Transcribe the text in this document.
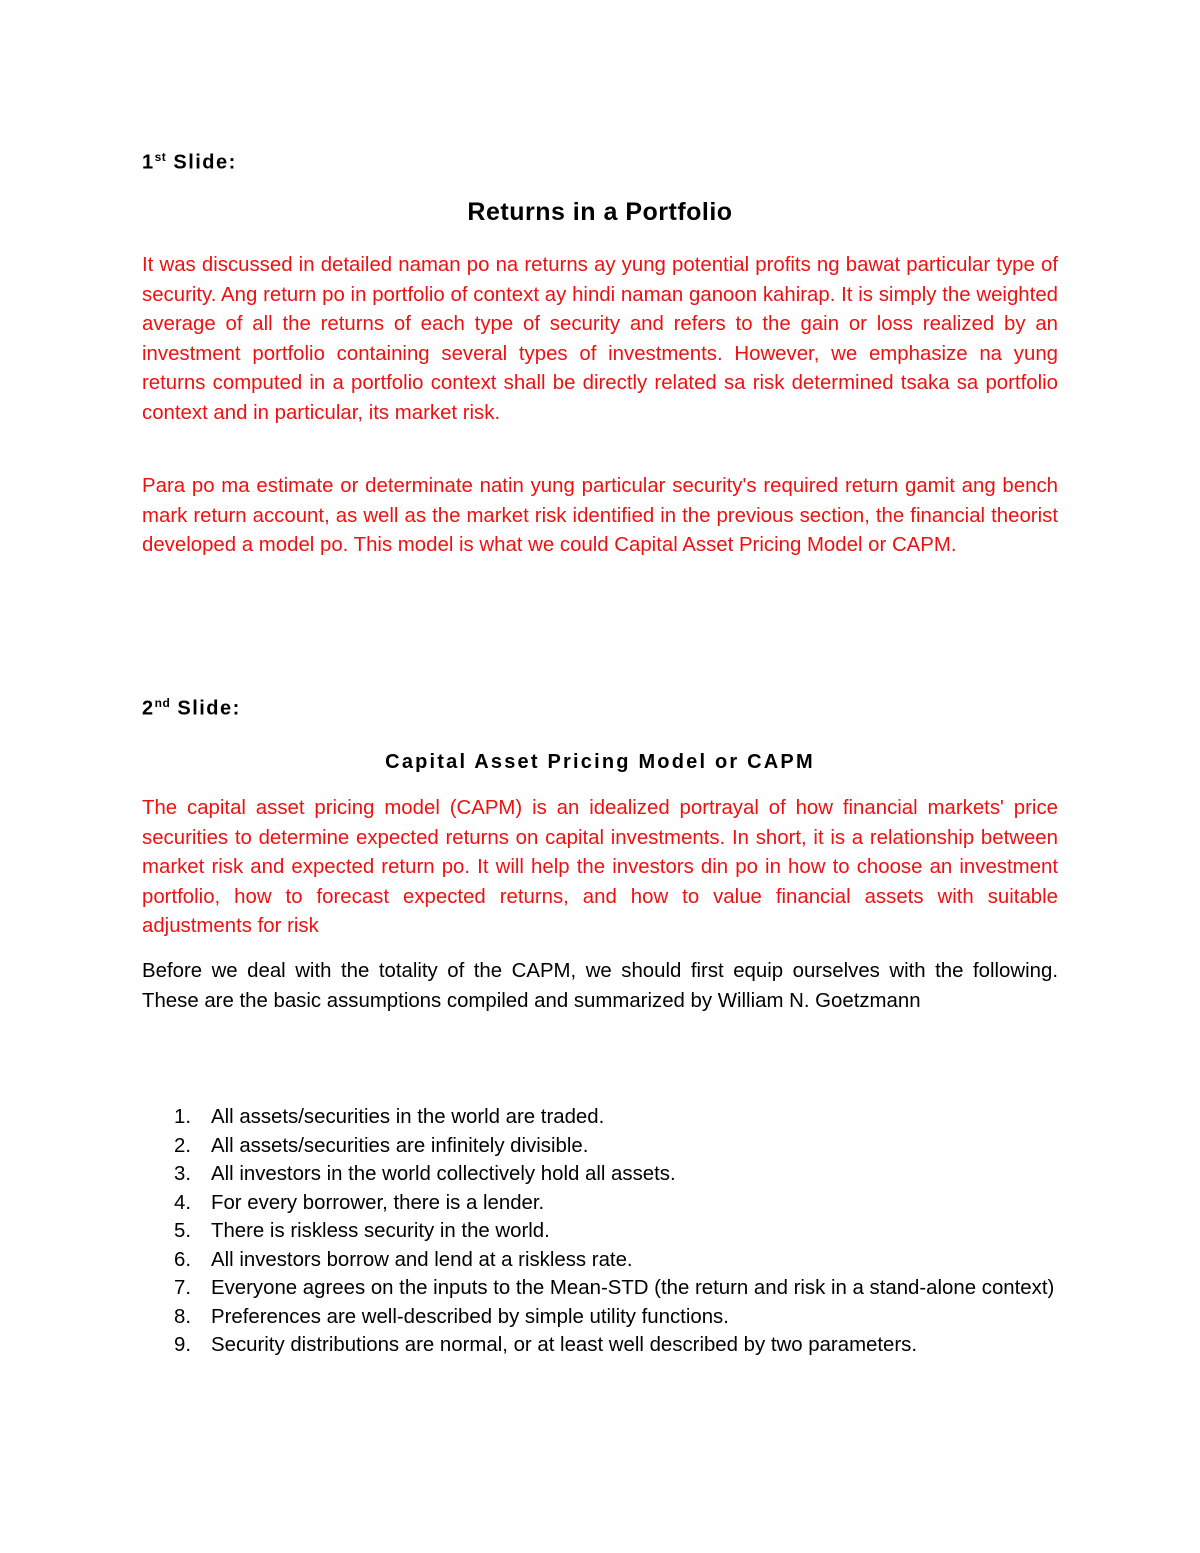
1st Slide:
Returns in a Portfolio

It was discussed in detailed naman po na returns ay yung potential profits ng bawat particular type of security. Ang return po in portfolio of context ay hindi naman ganoon kahirap. It is simply the weighted average of all the returns of each type of security and refers to the gain or loss realized by an investment portfolio containing several types of investments. However, we emphasize na yung returns computed in a portfolio context shall be directly related sa risk determined tsaka sa portfolio context and in particular, its market risk.

Para po ma estimate or determinate natin yung particular security's required return gamit ang bench mark return account, as well as the market risk identified in the previous section, the financial theorist developed a model po. This model is what we could Capital Asset Pricing Model or CAPM.

2nd Slide:
Capital Asset Pricing Model or CAPM

The capital asset pricing model (CAPM) is an idealized portrayal of how financial markets' price securities to determine expected returns on capital investments. In short, it is a relationship between market risk and expected return po. It will help the investors din po in how to choose an investment portfolio, how to forecast expected returns, and how to value financial assets with suitable adjustments for risk

Before we deal with the totality of the CAPM, we should first equip ourselves with the following. These are the basic assumptions compiled and summarized by William N. Goetzmann

1. All assets/securities in the world are traded.
2. All assets/securities are infinitely divisible.
3. All investors in the world collectively hold all assets.
4. For every borrower, there is a lender.
5. There is riskless security in the world.
6. All investors borrow and lend at a riskless rate.
7. Everyone agrees on the inputs to the Mean-STD (the return and risk in a stand-alone context)
8. Preferences are well-described by simple utility functions.
9. Security distributions are normal, or at least well described by two parameters.
